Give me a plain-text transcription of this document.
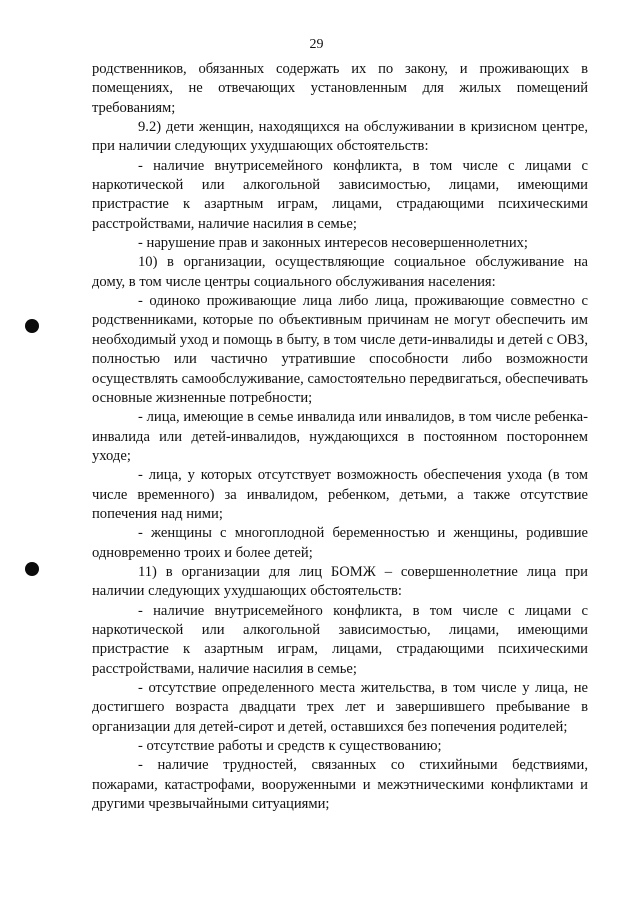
29

родственников, обязанных содержать их по закону, и проживающих в помещениях, не отвечающих установленным для жилых помещений требованиям;

9.2) дети женщин, находящихся на обслуживании в кризисном центре, при наличии следующих ухудшающих обстоятельств:

- наличие внутрисемейного конфликта, в том числе с лицами с наркотической или алкогольной зависимостью, лицами, имеющими пристрастие к азартным играм, лицами, страдающими психическими расстройствами, наличие насилия в семье;

- нарушение прав и законных интересов несовершеннолетних;

10) в организации, осуществляющие социальное обслуживание на дому, в том числе центры социального обслуживания населения:

- одиноко проживающие лица либо лица, проживающие совместно с родственниками, которые по объективным причинам не могут обеспечить им необходимый уход и помощь в быту, в том числе дети-инвалиды и детей с ОВЗ, полностью или частично утратившие способности либо возможности осуществлять самообслуживание, самостоятельно передвигаться, обеспечивать основные жизненные потребности;

- лица, имеющие в семье инвалида или инвалидов, в том числе ребенка-инвалида или детей-инвалидов, нуждающихся в постоянном постороннем уходе;

- лица, у которых отсутствует возможность обеспечения ухода (в том числе временного) за инвалидом, ребенком, детьми, а также отсутствие попечения над ними;

- женщины с многоплодной беременностью и женщины, родившие одновременно троих и более детей;

11) в организации для лиц БОМЖ – совершеннолетние лица при наличии следующих ухудшающих обстоятельств:

- наличие внутрисемейного конфликта, в том числе с лицами с наркотической или алкогольной зависимостью, лицами, имеющими пристрастие к азартным играм, лицами, страдающими психическими расстройствами, наличие насилия в семье;

- отсутствие определенного места жительства, в том числе у лица, не достигшего возраста двадцати трех лет и завершившего пребывание в организации для детей-сирот и детей, оставшихся без попечения родителей;

- отсутствие работы и средств к существованию;

- наличие трудностей, связанных со стихийными бедствиями, пожарами, катастрофами, вооруженными и межэтническими конфликтами и другими чрезвычайными ситуациями;
